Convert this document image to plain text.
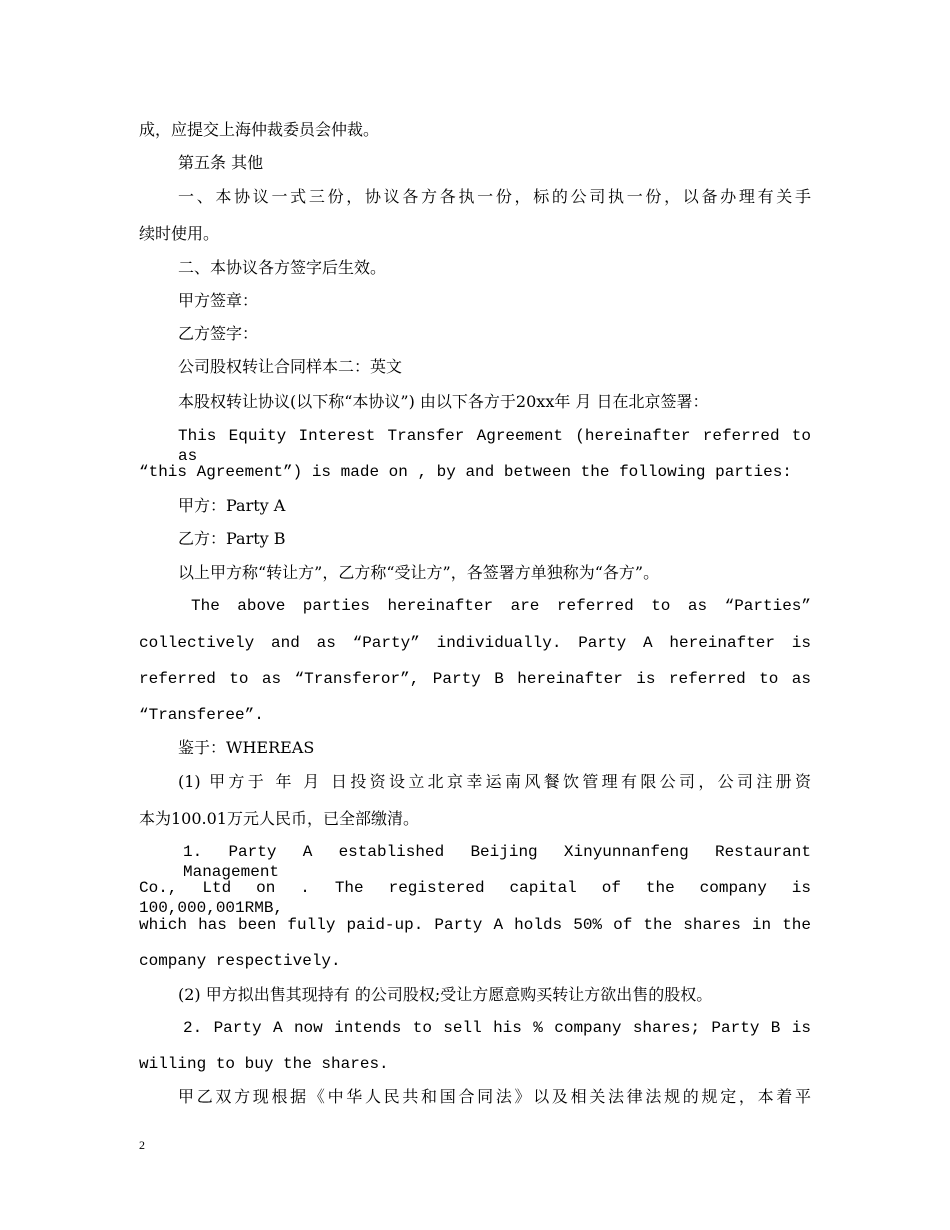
成，应提交上海仲裁委员会仲裁。
第五条 其他
一、本协议一式三份，协议各方各执一份，标的公司执一份，以备办理有关手
续时使用。
二、本协议各方签字后生效。
甲方签章：
乙方签字：
公司股权转让合同样本二：英文
本股权转让协议(以下称“本协议”) 由以下各方于20xx年 月 日在北京签署：
This Equity Interest Transfer Agreement (hereinafter referred to as
“this Agreement”) is made on , by and between the following parties:
甲方：Party A
乙方：Party B
以上甲方称“转让方”，乙方称“受让方”，各签署方单独称为“各方”。
The above parties hereinafter are referred to as “Parties”
collectively and as “Party” individually. Party A hereinafter is
referred to as “Transferor”, Party B hereinafter is referred to as
“Transferee”.
鉴于：WHEREAS
(1) 甲方于 年 月 日投资设立北京幸运南风餐饮管理有限公司，公司注册资
本为100.01万元人民币，已全部缴清。
1. Party A established Beijing Xinyunnanfeng Restaurant Management
Co., Ltd on . The registered capital of the company is 100,000,001RMB,
which has been fully paid-up. Party A holds 50% of the shares in the
company respectively.
(2) 甲方拟出售其现持有 的公司股权;受让方愿意购买转让方欲出售的股权。
2. Party A now intends to sell his % company shares; Party B is
willing to buy the shares.
甲乙双方现根据《中华人民共和国合同法》以及相关法律法规的规定，本着平
2
